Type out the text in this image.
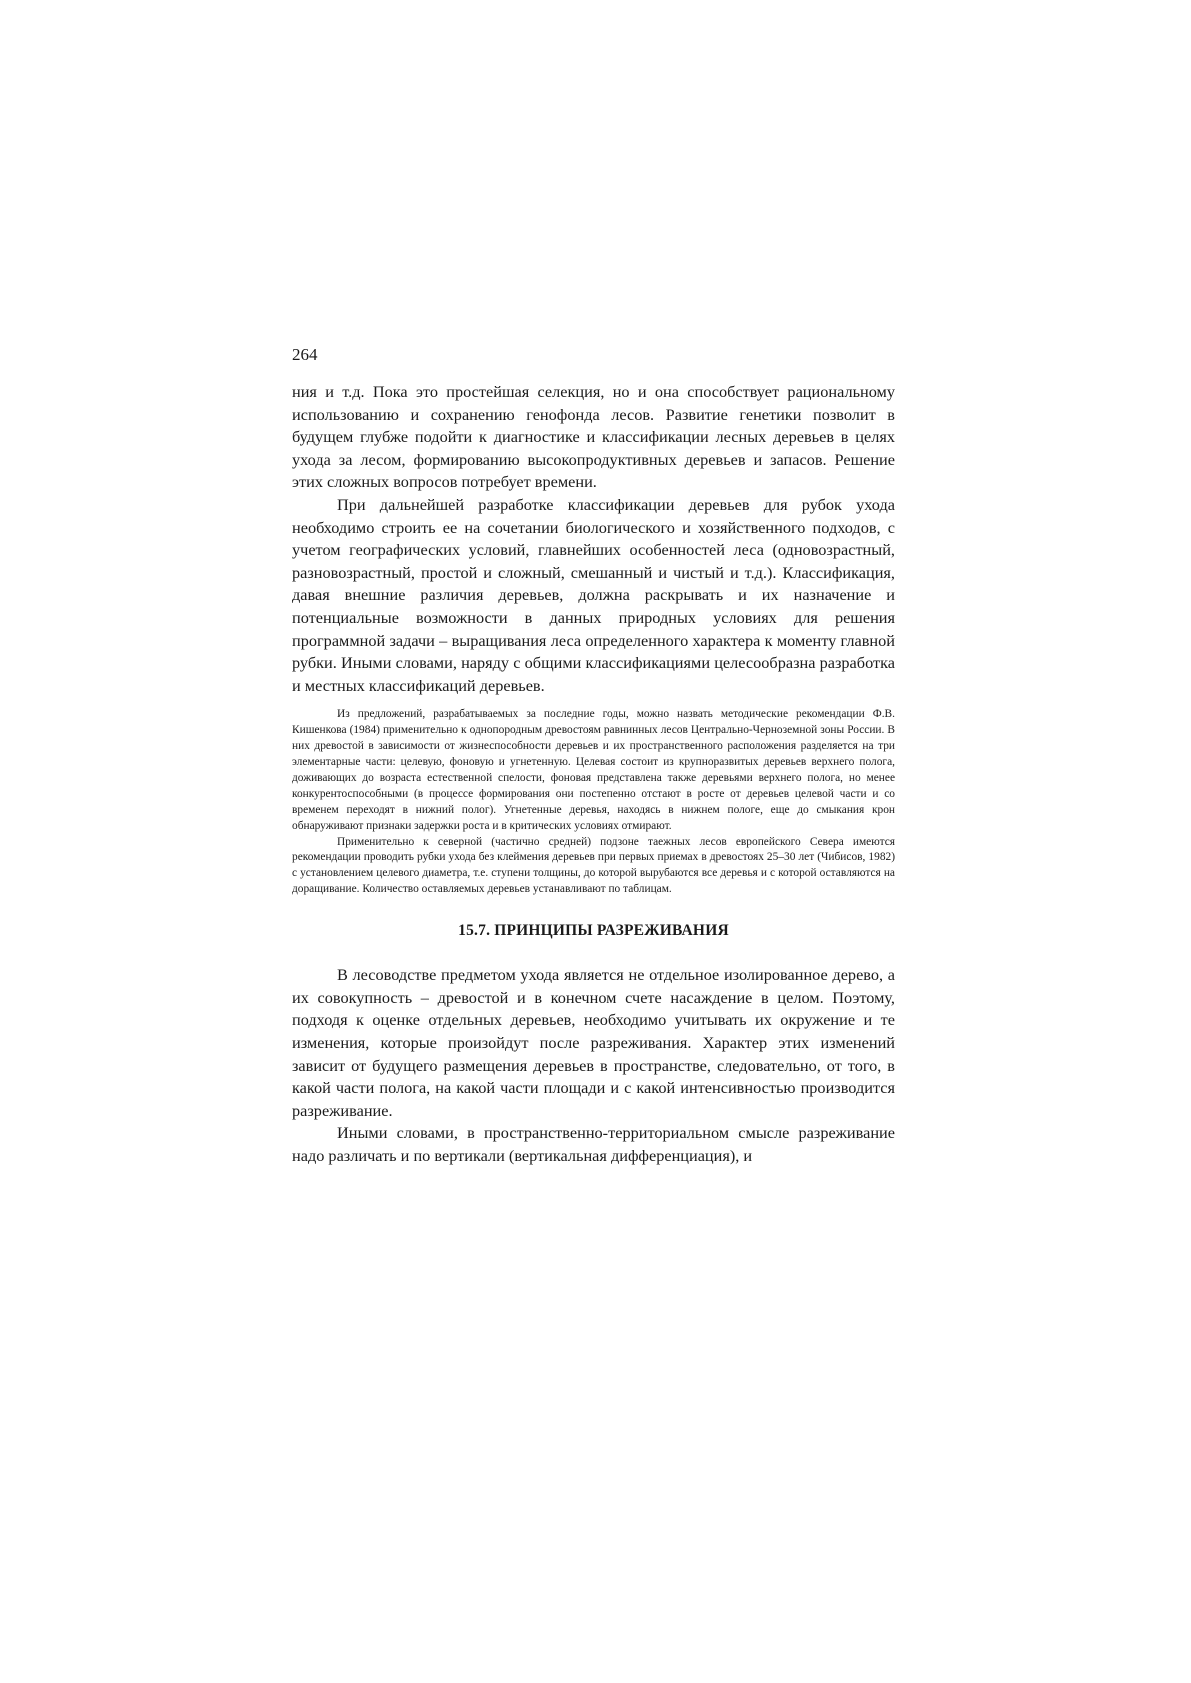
264

ния и т.д. Пока это простейшая селекция, но и она способствует рациональному использованию и сохранению генофонда лесов. Развитие генетики позволит в будущем глубже подойти к диагностике и классификации лесных деревьев в целях ухода за лесом, формированию высокопродуктивных деревьев и запасов. Решение этих сложных вопросов потребует времени.

При дальнейшей разработке классификации деревьев для рубок ухода необходимо строить ее на сочетании биологического и хозяйственного подходов, с учетом географических условий, главнейших особенностей леса (одновозрастный, разновозрастный, простой и сложный, смешанный и чистый и т.д.). Классификация, давая внешние различия деревьев, должна раскрывать и их назначение и потенциальные возможности в данных природных условиях для решения программной задачи – выращивания леса определенного характера к моменту главной рубки. Иными словами, наряду с общими классификациями целесообразна разработка и местных классификаций деревьев.

Из предложений, разрабатываемых за последние годы, можно назвать методические рекомендации Ф.В. Кишенкова (1984) применительно к однопородным древостоям равнинных лесов Центрально-Черноземной зоны России. В них древостой в зависимости от жизнеспособности деревьев и их пространственного расположения разделяется на три элементарные части: целевую, фоновую и угнетенную. Целевая состоит из крупноразвитых деревьев верхнего полога, доживающих до возраста естественной спелости, фоновая представлена также деревьями верхнего полога, но менее конкурентоспособными (в процессе формирования они постепенно отстают в росте от деревьев целевой части и со временем переходят в нижний полог). Угнетенные деревья, находясь в нижнем пологе, еще до смыкания крон обнаруживают признаки задержки роста и в критических условиях отмирают.

Применительно к северной (частично средней) подзоне таежных лесов европейского Севера имеются рекомендации проводить рубки ухода без клеймения деревьев при первых приемах в древостоях 25–30 лет (Чибисов, 1982) с установлением целевого диаметра, т.е. ступени толщины, до которой вырубаются все деревья и с которой оставляются на доращивание. Количество оставляемых деревьев устанавливают по таблицам.

15.7. ПРИНЦИПЫ РАЗРЕЖИВАНИЯ

В лесоводстве предметом ухода является не отдельное изолированное дерево, а их совокупность – древостой и в конечном счете насаждение в целом. Поэтому, подходя к оценке отдельных деревьев, необходимо учитывать их окружение и те изменения, которые произойдут после разреживания. Характер этих изменений зависит от будущего размещения деревьев в пространстве, следовательно, от того, в какой части полога, на какой части площади и с какой интенсивностью производится разреживание.

Иными словами, в пространственно-территориальном смысле разреживание надо различать и по вертикали (вертикальная дифференциация), и
